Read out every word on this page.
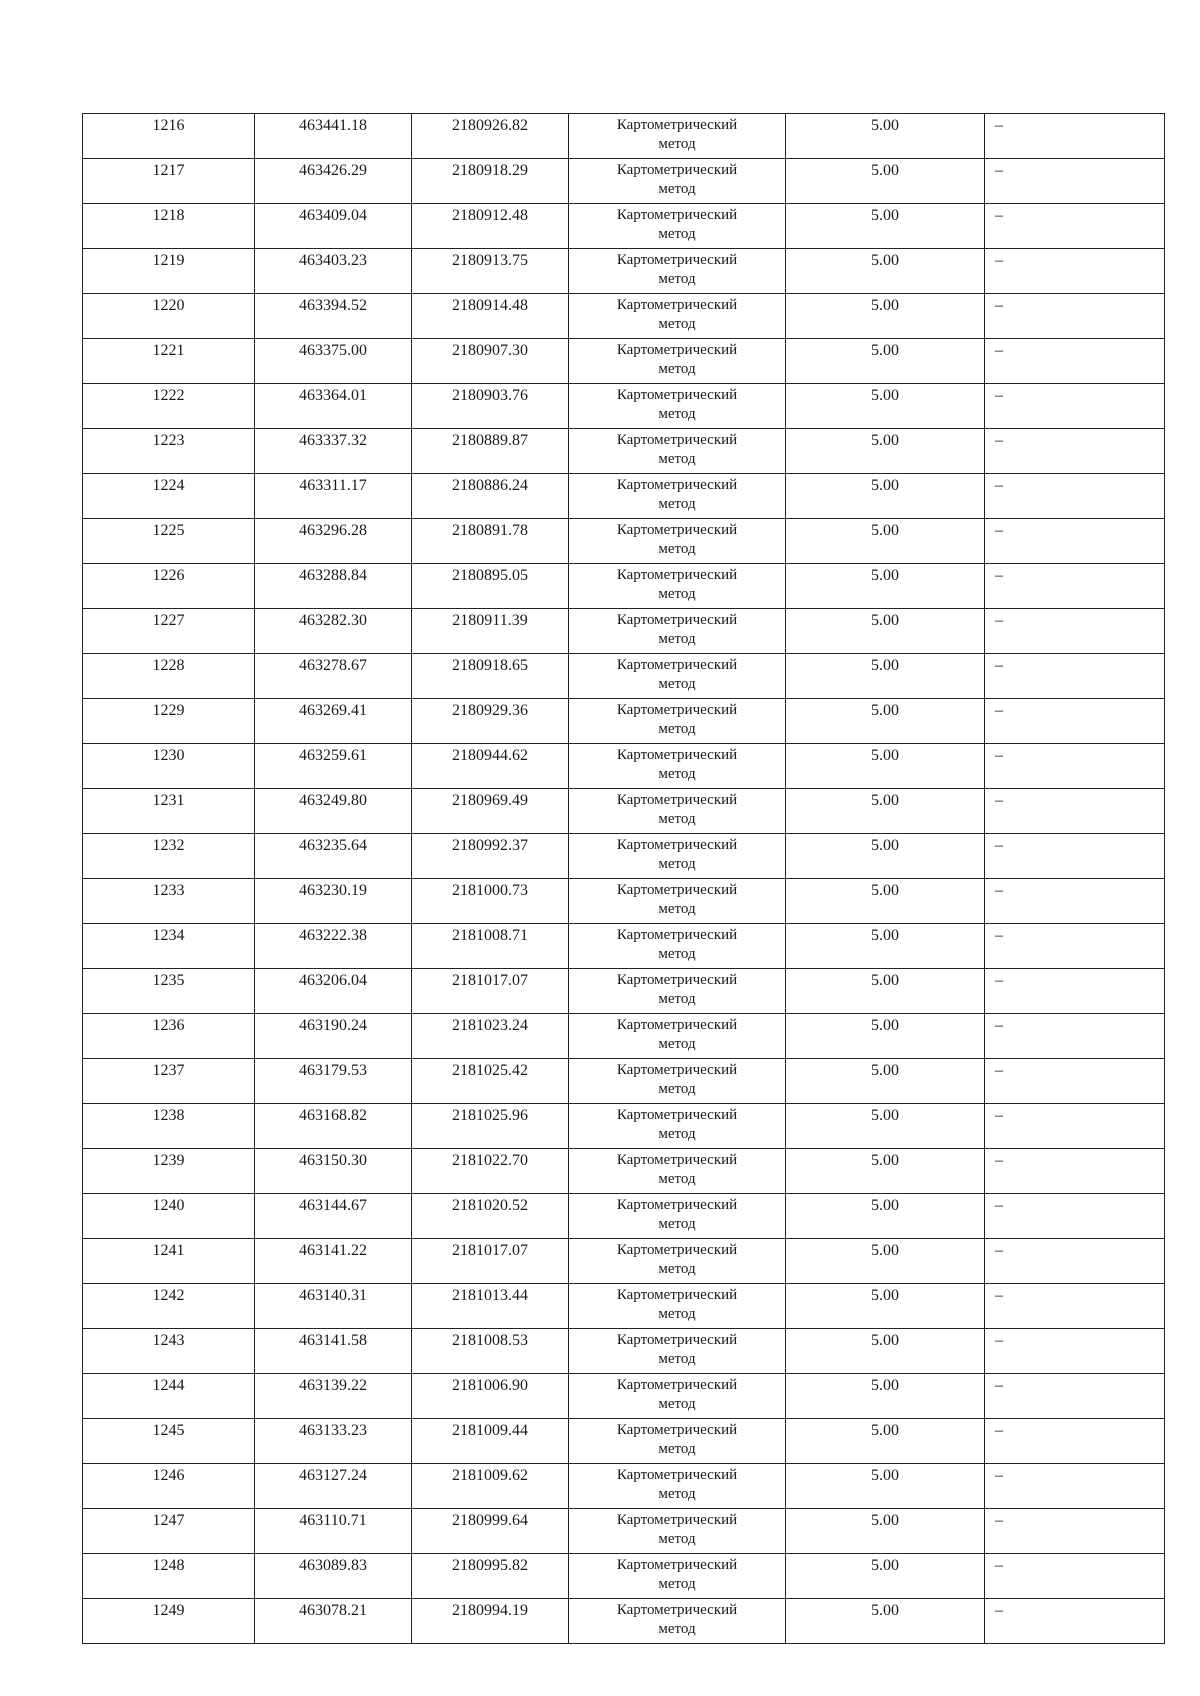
1216	463441.18	2180926.82	Картометрический
метод	5.00	–

1217	463426.29	2180918.29	Картометрический
метод	5.00	–

1218	463409.04	2180912.48	Картометрический
метод	5.00	–

1219	463403.23	2180913.75	Картометрический
метод	5.00	–

1220	463394.52	2180914.48	Картометрический
метод	5.00	–

1221	463375.00	2180907.30	Картометрический
метод	5.00	–

1222	463364.01	2180903.76	Картометрический
метод	5.00	–

1223	463337.32	2180889.87	Картометрический
метод	5.00	–

1224	463311.17	2180886.24	Картометрический
метод	5.00	–

1225	463296.28	2180891.78	Картометрический
метод	5.00	–

1226	463288.84	2180895.05	Картометрический
метод	5.00	–

1227	463282.30	2180911.39	Картометрический
метод	5.00	–

1228	463278.67	2180918.65	Картометрический
метод	5.00	–

1229	463269.41	2180929.36	Картометрический
метод	5.00	–

1230	463259.61	2180944.62	Картометрический
метод	5.00	–

1231	463249.80	2180969.49	Картометрический
метод	5.00	–

1232	463235.64	2180992.37	Картометрический
метод	5.00	–

1233	463230.19	2181000.73	Картометрический
метод	5.00	–

1234	463222.38	2181008.71	Картометрический
метод	5.00	–

1235	463206.04	2181017.07	Картометрический
метод	5.00	–

1236	463190.24	2181023.24	Картометрический
метод	5.00	–

1237	463179.53	2181025.42	Картометрический
метод	5.00	–

1238	463168.82	2181025.96	Картометрический
метод	5.00	–

1239	463150.30	2181022.70	Картометрический
метод	5.00	–

1240	463144.67	2181020.52	Картометрический
метод	5.00	–

1241	463141.22	2181017.07	Картометрический
метод	5.00	–

1242	463140.31	2181013.44	Картометрический
метод	5.00	–

1243	463141.58	2181008.53	Картометрический
метод	5.00	–

1244	463139.22	2181006.90	Картометрический
метод	5.00	–

1245	463133.23	2181009.44	Картометрический
метод	5.00	–

1246	463127.24	2181009.62	Картометрический
метод	5.00	–

1247	463110.71	2180999.64	Картометрический
метод	5.00	–

1248	463089.83	2180995.82	Картометрический
метод	5.00	–

1249	463078.21	2180994.19	Картометрический
метод	5.00	–
